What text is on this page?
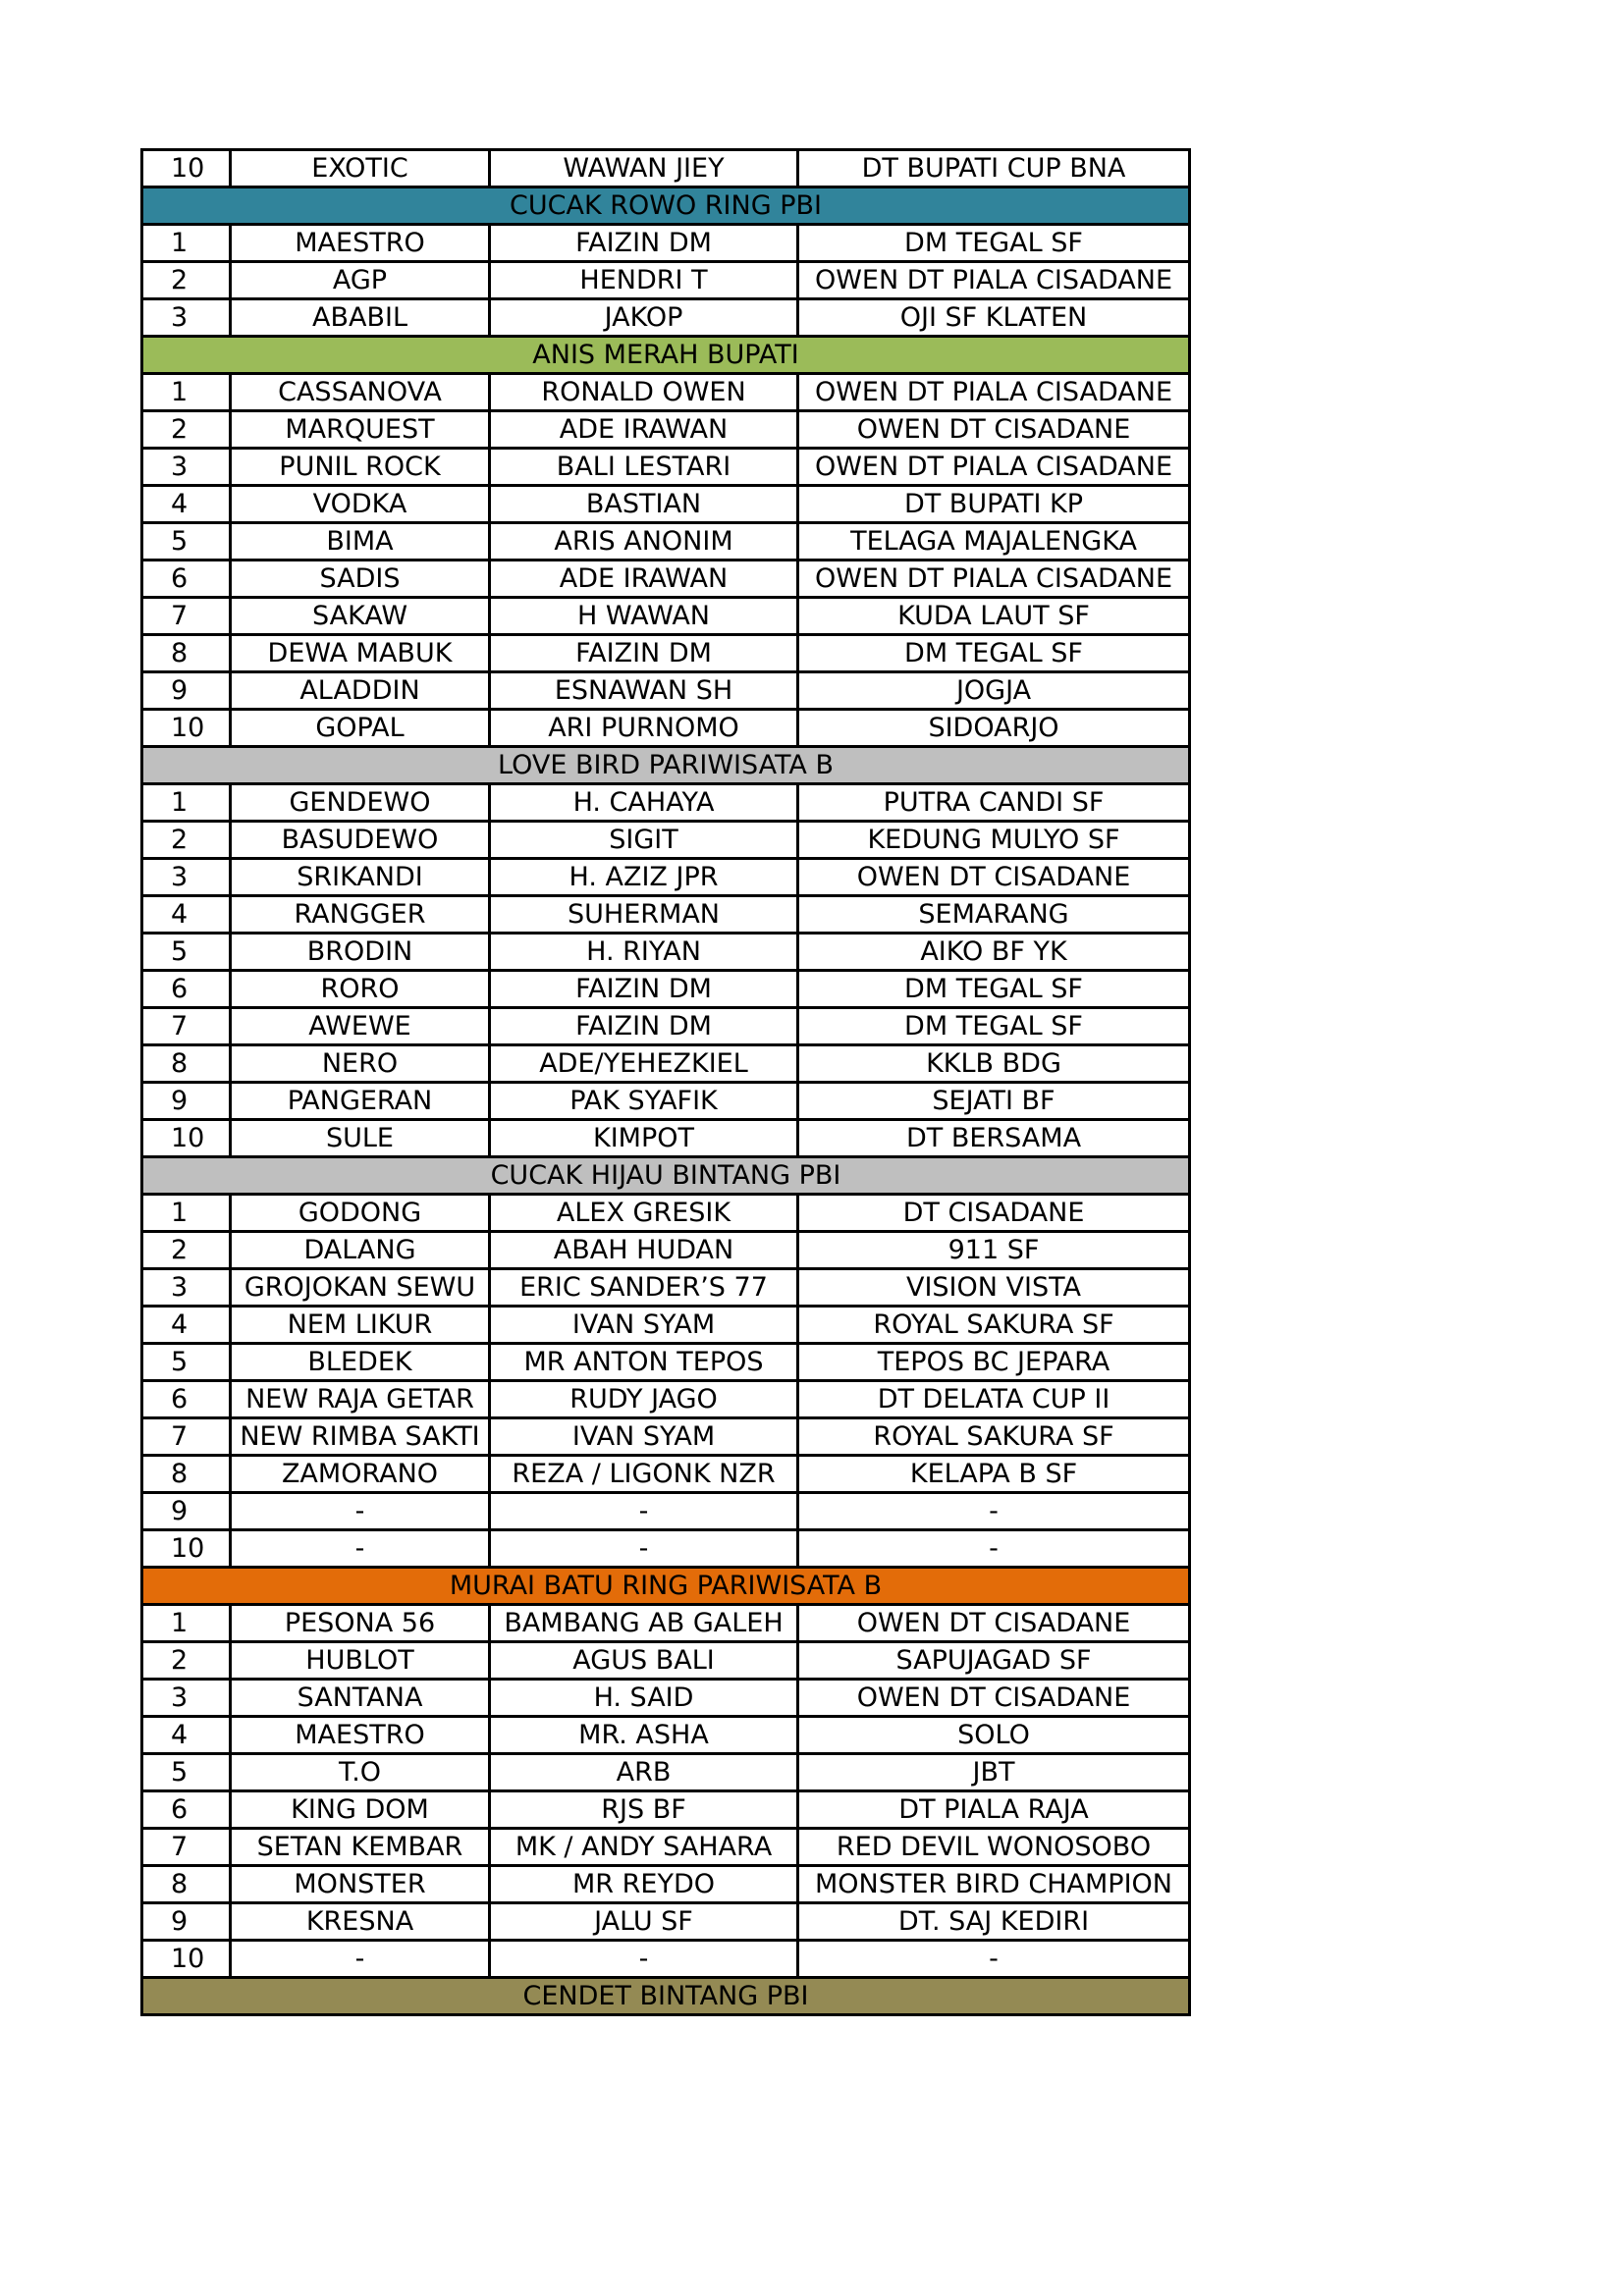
10	EXOTIC	WAWAN JIEY	DT BUPATI CUP BNA
CUCAK ROWO RING PBI			
1	MAESTRO	FAIZIN DM	DM TEGAL SF
2	AGP	HENDRI T	OWEN DT PIALA CISADANE
3	ABABIL	JAKOP	OJI SF KLATEN
ANIS MERAH BUPATI			
1	CASSANOVA	RONALD OWEN	OWEN DT PIALA CISADANE
2	MARQUEST	ADE IRAWAN	OWEN DT CISADANE
3	PUNIL ROCK	BALI LESTARI	OWEN DT PIALA CISADANE
4	VODKA	BASTIAN	DT BUPATI KP
5	BIMA	ARIS ANONIM	TELAGA MAJALENGKA
6	SADIS	ADE IRAWAN	OWEN DT PIALA CISADANE
7	SAKAW	H WAWAN	KUDA LAUT SF
8	DEWA MABUK	FAIZIN DM	DM TEGAL SF
9	ALADDIN	ESNAWAN SH	JOGJA
10	GOPAL	ARI PURNOMO	SIDOARJO
LOVE BIRD PARIWISATA B			
1	GENDEWO	H. CAHAYA	PUTRA CANDI SF
2	BASUDEWO	SIGIT	KEDUNG MULYO SF
3	SRIKANDI	H. AZIZ JPR	OWEN DT CISADANE
4	RANGGER	SUHERMAN	SEMARANG
5	BRODIN	H. RIYAN	AIKO BF YK
6	RORO	FAIZIN DM	DM TEGAL SF
7	AWEWE	FAIZIN DM	DM TEGAL SF
8	NERO	ADE/YEHEZKIEL	KKLB BDG
9	PANGERAN	PAK SYAFIK	SEJATI BF
10	SULE	KIMPOT	DT BERSAMA
CUCAK HIJAU BINTANG PBI			
1	GODONG	ALEX GRESIK	DT CISADANE
2	DALANG	ABAH HUDAN	911 SF
3	GROJOKAN SEWU	ERIC SANDER’S 77	VISION VISTA
4	NEM LIKUR	IVAN SYAM	ROYAL SAKURA SF
5	BLEDEK	MR ANTON TEPOS	TEPOS BC JEPARA
6	NEW RAJA GETAR	RUDY JAGO	DT DELATA CUP II
7	NEW RIMBA SAKTI	IVAN SYAM	ROYAL SAKURA SF
8	ZAMORANO	REZA / LIGONK NZR	KELAPA B SF
9	-	-	-
10	-	-	-
MURAI BATU RING PARIWISATA B			
1	PESONA 56	BAMBANG AB GALEH	OWEN DT CISADANE
2	HUBLOT	AGUS BALI	SAPUJAGAD SF
3	SANTANA	H. SAID	OWEN DT CISADANE
4	MAESTRO	MR. ASHA	SOLO
5	T.O	ARB	JBT
6	KING DOM	RJS BF	DT PIALA RAJA
7	SETAN KEMBAR	MK / ANDY SAHARA	RED DEVIL WONOSOBO
8	MONSTER	MR REYDO	MONSTER BIRD CHAMPION
9	KRESNA	JALU SF	DT. SAJ KEDIRI
10	-	-	-
CENDET BINTANG PBI			
